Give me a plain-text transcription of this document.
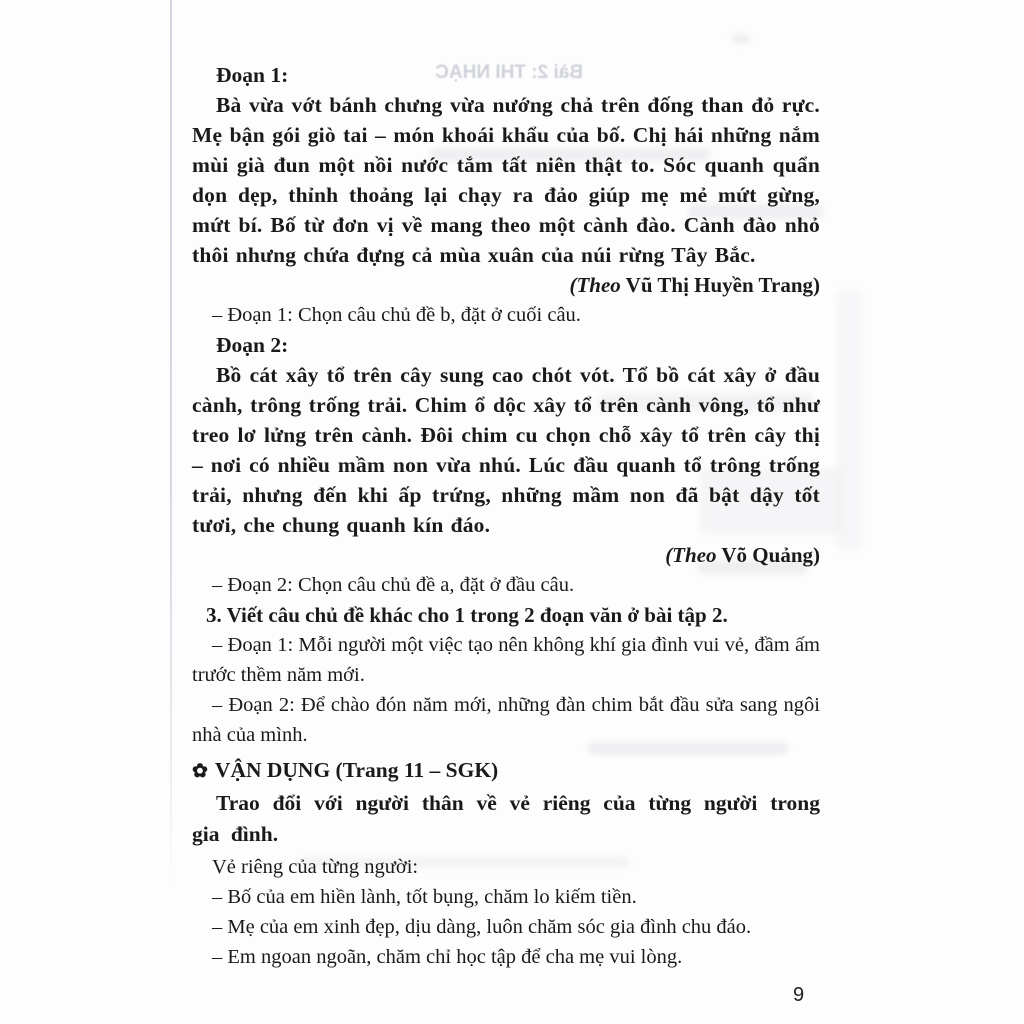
Bài 2: THI NHẠC

Đoạn 1:

Bà vừa vớt bánh chưng vừa nướng chả trên đống than đỏ rực. Mẹ bận gói giò tai – món khoái khẩu của bố. Chị hái những nắm mùi già đun một nồi nước tắm tất niên thật to. Sóc quanh quẩn dọn dẹp, thỉnh thoảng lại chạy ra đảo giúp mẹ mẻ mứt gừng, mứt bí. Bố từ đơn vị về mang theo một cành đào. Cành đào nhỏ thôi nhưng chứa đựng cả mùa xuân của núi rừng Tây Bắc.

(Theo Vũ Thị Huyền Trang)

– Đoạn 1: Chọn câu chủ đề b, đặt ở cuối câu.

Đoạn 2:

Bồ cát xây tổ trên cây sung cao chót vót. Tổ bồ cát xây ở đầu cành, trông trống trải. Chim ổ dộc xây tổ trên cành vông, tổ như treo lơ lửng trên cành. Đôi chim cu chọn chỗ xây tổ trên cây thị – nơi có nhiều mầm non vừa nhú. Lúc đầu quanh tổ trông trống trải, nhưng đến khi ấp trứng, những mầm non đã bật dậy tốt tươi, che chung quanh kín đáo.

(Theo Võ Quảng)

– Đoạn 2: Chọn câu chủ đề a, đặt ở đầu câu.

3. Viết câu chủ đề khác cho 1 trong 2 đoạn văn ở bài tập 2.

– Đoạn 1: Mỗi người một việc tạo nên không khí gia đình vui vẻ, đầm ấm trước thềm năm mới.

– Đoạn 2: Để chào đón năm mới, những đàn chim bắt đầu sửa sang ngôi nhà của mình.

✿ VẬN DỤNG (Trang 11 – SGK)

Trao đổi với người thân về vẻ riêng của từng người trong gia đình.

Vẻ riêng của từng người:

– Bố của em hiền lành, tốt bụng, chăm lo kiếm tiền.

– Mẹ của em xinh đẹp, dịu dàng, luôn chăm sóc gia đình chu đáo.

– Em ngoan ngoãn, chăm chỉ học tập để cha mẹ vui lòng.

9
